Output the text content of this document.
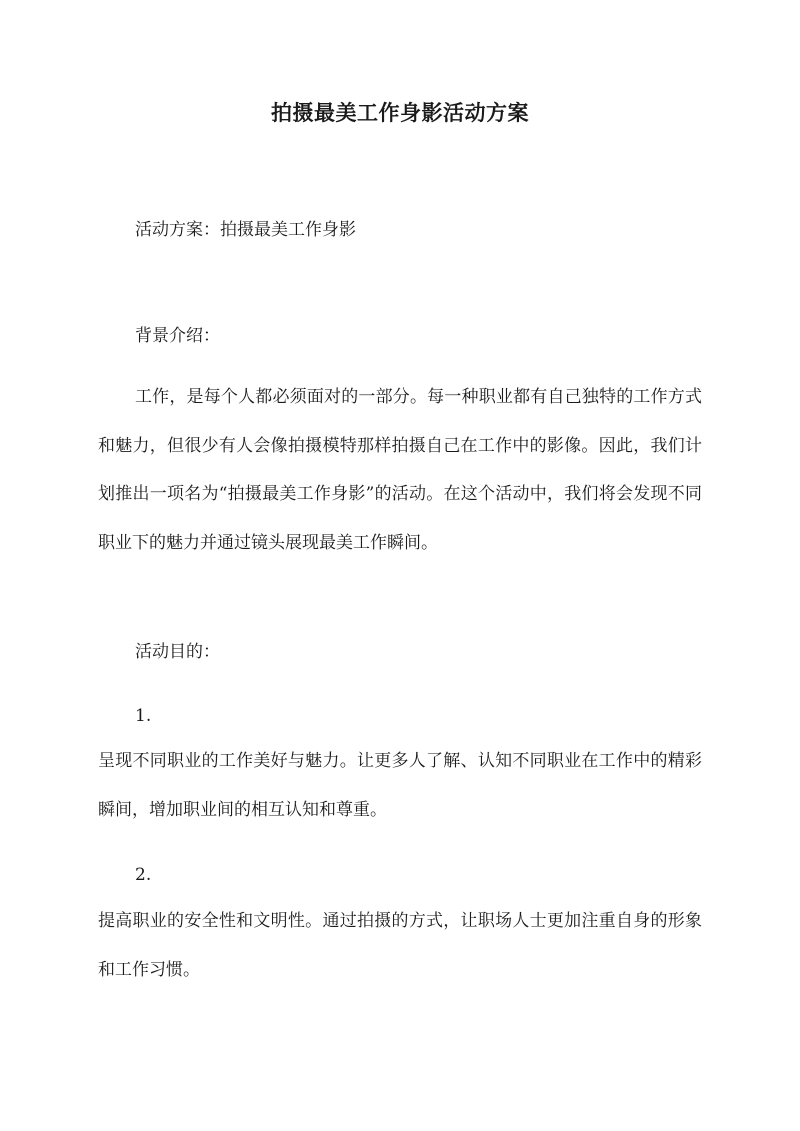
拍摄最美工作身影活动方案
活动方案：拍摄最美工作身影
背景介绍：
工作，是每个人都必须面对的一部分。每一种职业都有自己独特的工作方式和魅力，但很少有人会像拍摄模特那样拍摄自己在工作中的影像。因此，我们计划推出一项名为“拍摄最美工作身影”的活动。在这个活动中，我们将会发现不同职业下的魅力并通过镜头展现最美工作瞬间。
活动目的：
1.
呈现不同职业的工作美好与魅力。让更多人了解、认知不同职业在工作中的精彩瞬间，增加职业间的相互认知和尊重。
2.
提高职业的安全性和文明性。通过拍摄的方式，让职场人士更加注重自身的形象和工作习惯。
